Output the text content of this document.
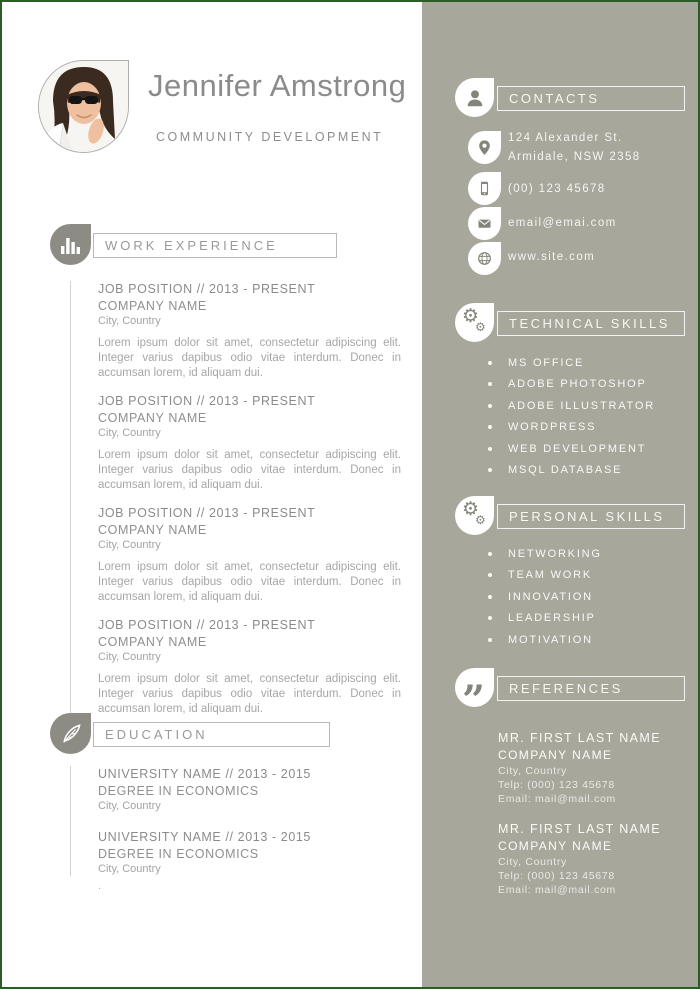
Jennifer Amstrong
COMMUNITY DEVELOPMENT
WORK EXPERIENCE
JOB POSITION // 2013 - PRESENT
COMPANY NAME
City, Country
Lorem ipsum dolor sit amet, consectetur adipiscing elit. Integer varius dapibus odio vitae interdum. Donec in accumsan lorem, id aliquam dui.
JOB POSITION // 2013 - PRESENT
COMPANY NAME
City, Country
Lorem ipsum dolor sit amet, consectetur adipiscing elit. Integer varius dapibus odio vitae interdum. Donec in accumsan lorem, id aliquam dui.
JOB POSITION // 2013 - PRESENT
COMPANY NAME
City, Country
Lorem ipsum dolor sit amet, consectetur adipiscing elit. Integer varius dapibus odio vitae interdum. Donec in accumsan lorem, id aliquam dui.
JOB POSITION // 2013 - PRESENT
COMPANY NAME
City, Country
Lorem ipsum dolor sit amet, consectetur adipiscing elit. Integer varius dapibus odio vitae interdum. Donec in accumsan lorem, id aliquam dui.
EDUCATION
UNIVERSITY NAME // 2013 - 2015
DEGREE IN ECONOMICS
City, Country
UNIVERSITY NAME // 2013 - 2015
DEGREE IN ECONOMICS
City, Country
.
CONTACTS
124 Alexander St.
Armidale, NSW 2358
(00) 123 45678
email@emai.com
www.site.com
⚙
⚙	TECHNICAL SKILLS
MS OFFICE
ADOBE PHOTOSHOP
ADOBE ILLUSTRATOR
WORDPRESS
WEB DEVELOPMENT
MSQL DATABASE
⚙
⚙	PERSONAL SKILLS
NETWORKING
TEAM WORK
INNOVATION
LEADERSHIP
MOTIVATION
”	REFERENCES
MR. FIRST LAST NAME
COMPANY NAME
City, Country
Telp: (000) 123 45678
Email: mail@mail.com
MR. FIRST LAST NAME
COMPANY NAME
City, Country
Telp: (000) 123 45678
Email: mail@mail.com
